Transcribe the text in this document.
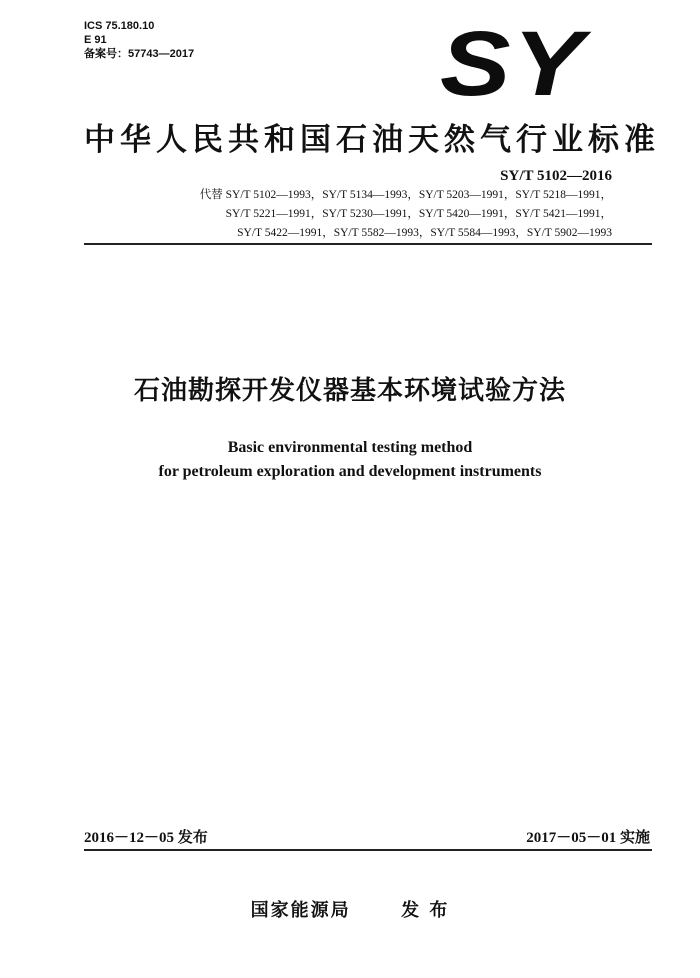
ICS 75.180.10
E 91
备案号：57743—2017	SY
中华人民共和国石油天然气行业标准
SY/T 5102—2016
代替 SY/T 5102—1993，SY/T 5134—1993，SY/T 5203—1991，SY/T 5218—1991，
SY/T 5221—1991，SY/T 5230—1991，SY/T 5420—1991，SY/T 5421—1991，
SY/T 5422—1991，SY/T 5582—1993，SY/T 5584—1993，SY/T 5902—1993
石油勘探开发仪器基本环境试验方法
Basic environmental testing method
for petroleum exploration and development instruments
2016－12－05 发布	2017－05－01 实施
国家能源局	发 布
